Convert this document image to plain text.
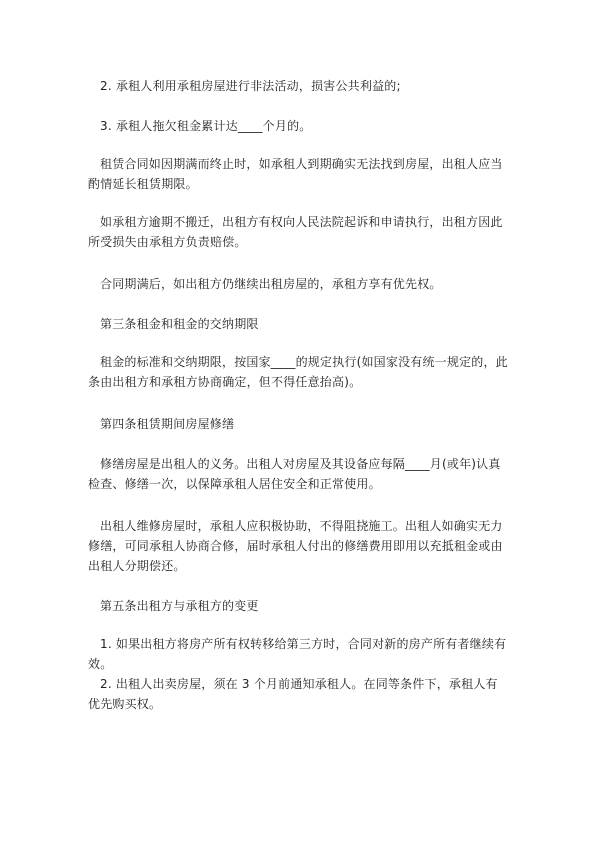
2. 承租人利用承租房屋进行非法活动，损害公共利益的;

3. 承租人拖欠租金累计达____个月的。

租赁合同如因期满而终止时，如承租人到期确实无法找到房屋，出租人应当酌情延长租赁期限。

如承租方逾期不搬迁，出租方有权向人民法院起诉和申请执行，出租方因此所受损失由承租方负责赔偿。

合同期满后，如出租方仍继续出租房屋的，承租方享有优先权。

第三条租金和租金的交纳期限

租金的标准和交纳期限，按国家____的规定执行(如国家没有统一规定的，此条由出租方和承租方协商确定，但不得任意抬高)。

第四条租赁期间房屋修缮

修缮房屋是出租人的义务。出租人对房屋及其设备应每隔____月(或年)认真检查、修缮一次，以保障承租人居住安全和正常使用。

出租人维修房屋时，承租人应积极协助，不得阻挠施工。出租人如确实无力修缮，可同承租人协商合修，届时承租人付出的修缮费用即用以充抵租金或由出租人分期偿还。

第五条出租方与承租方的变更

1. 如果出租方将房产所有权转移给第三方时，合同对新的房产所有者继续有效。

2. 出租人出卖房屋，须在 3 个月前通知承租人。在同等条件下，承租人有优先购买权。
